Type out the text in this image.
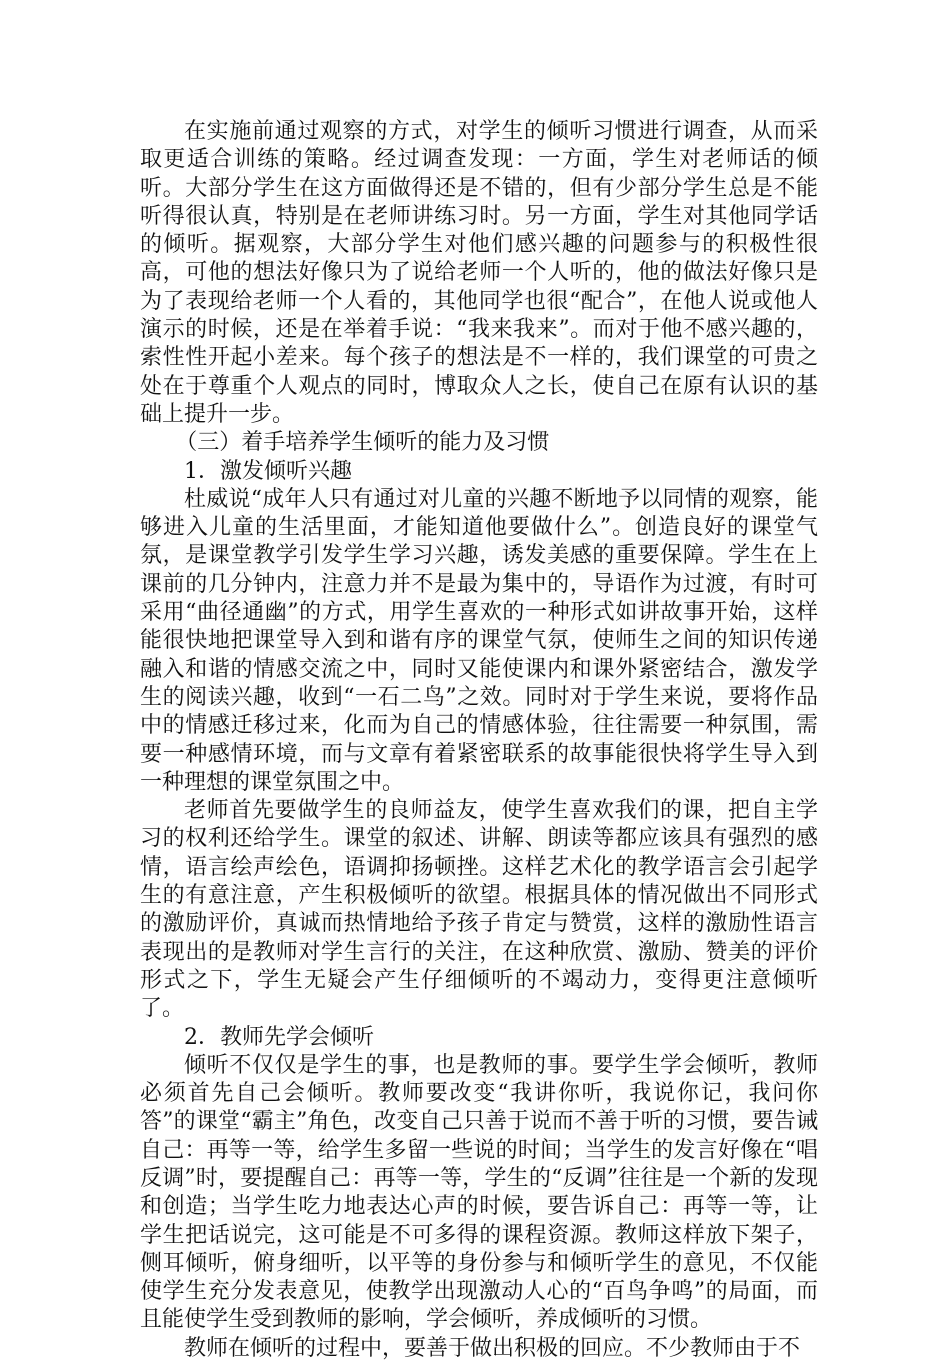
在实施前通过观察的方式，对学生的倾听习惯进行调查，从而采取更适合训练的策略。经过调查发现：一方面，学生对老师话的倾听。大部分学生在这方面做得还是不错的，但有少部分学生总是不能听得很认真，特别是在老师讲练习时。另一方面，学生对其他同学话的倾听。据观察，大部分学生对他们感兴趣的问题参与的积极性很高，可他的想法好像只为了说给老师一个人听的，他的做法好像只是为了表现给老师一个人看的，其他同学也很“配合”，在他人说或他人演示的时候，还是在举着手说：“我来我来”。而对于他不感兴趣的，索性性开起小差来。每个孩子的想法是不一样的，我们课堂的可贵之处在于尊重个人观点的同时，博取众人之长，使自己在原有认识的基础上提升一步。

（三）着手培养学生倾听的能力及习惯

1．激发倾听兴趣

杜威说“成年人只有通过对儿童的兴趣不断地予以同情的观察，能够进入儿童的生活里面，才能知道他要做什么”。创造良好的课堂气氛，是课堂教学引发学生学习兴趣，诱发美感的重要保障。学生在上课前的几分钟内，注意力并不是最为集中的，导语作为过渡，有时可采用“曲径通幽”的方式，用学生喜欢的一种形式如讲故事开始，这样能很快地把课堂导入到和谐有序的课堂气氛，使师生之间的知识传递融入和谐的情感交流之中，同时又能使课内和课外紧密结合，激发学生的阅读兴趣，收到“一石二鸟”之效。同时对于学生来说，要将作品中的情感迁移过来，化而为自己的情感体验，往往需要一种氛围，需要一种感情环境，而与文章有着紧密联系的故事能很快将学生导入到一种理想的课堂氛围之中。

老师首先要做学生的良师益友，使学生喜欢我们的课，把自主学习的权利还给学生。课堂的叙述、讲解、朗读等都应该具有强烈的感情，语言绘声绘色，语调抑扬顿挫。这样艺术化的教学语言会引起学生的有意注意，产生积极倾听的欲望。根据具体的情况做出不同形式的激励评价，真诚而热情地给予孩子肯定与赞赏，这样的激励性语言表现出的是教师对学生言行的关注，在这种欣赏、激励、赞美的评价形式之下，学生无疑会产生仔细倾听的不竭动力，变得更注意倾听了。

2．教师先学会倾听

倾听不仅仅是学生的事，也是教师的事。要学生学会倾听，教师必须首先自己会倾听。教师要改变“我讲你听，我说你记，我问你答”的课堂“霸主”角色，改变自己只善于说而不善于听的习惯，要告诫自己：再等一等，给学生多留一些说的时间；当学生的发言好像在“唱反调”时，要提醒自己：再等一等，学生的“反调”往往是一个新的发现和创造；当学生吃力地表达心声的时候，要告诉自己：再等一等，让学生把话说完，这可能是不可多得的课程资源。教师这样放下架子，侧耳倾听，俯身细听，以平等的身份参与和倾听学生的意见，不仅能使学生充分发表意见，使教学出现激动人心的“百鸟争鸣”的局面，而且能使学生受到教师的影响，学会倾听，养成倾听的习惯。

教师在倾听的过程中，要善于做出积极的回应。不少教师由于不
